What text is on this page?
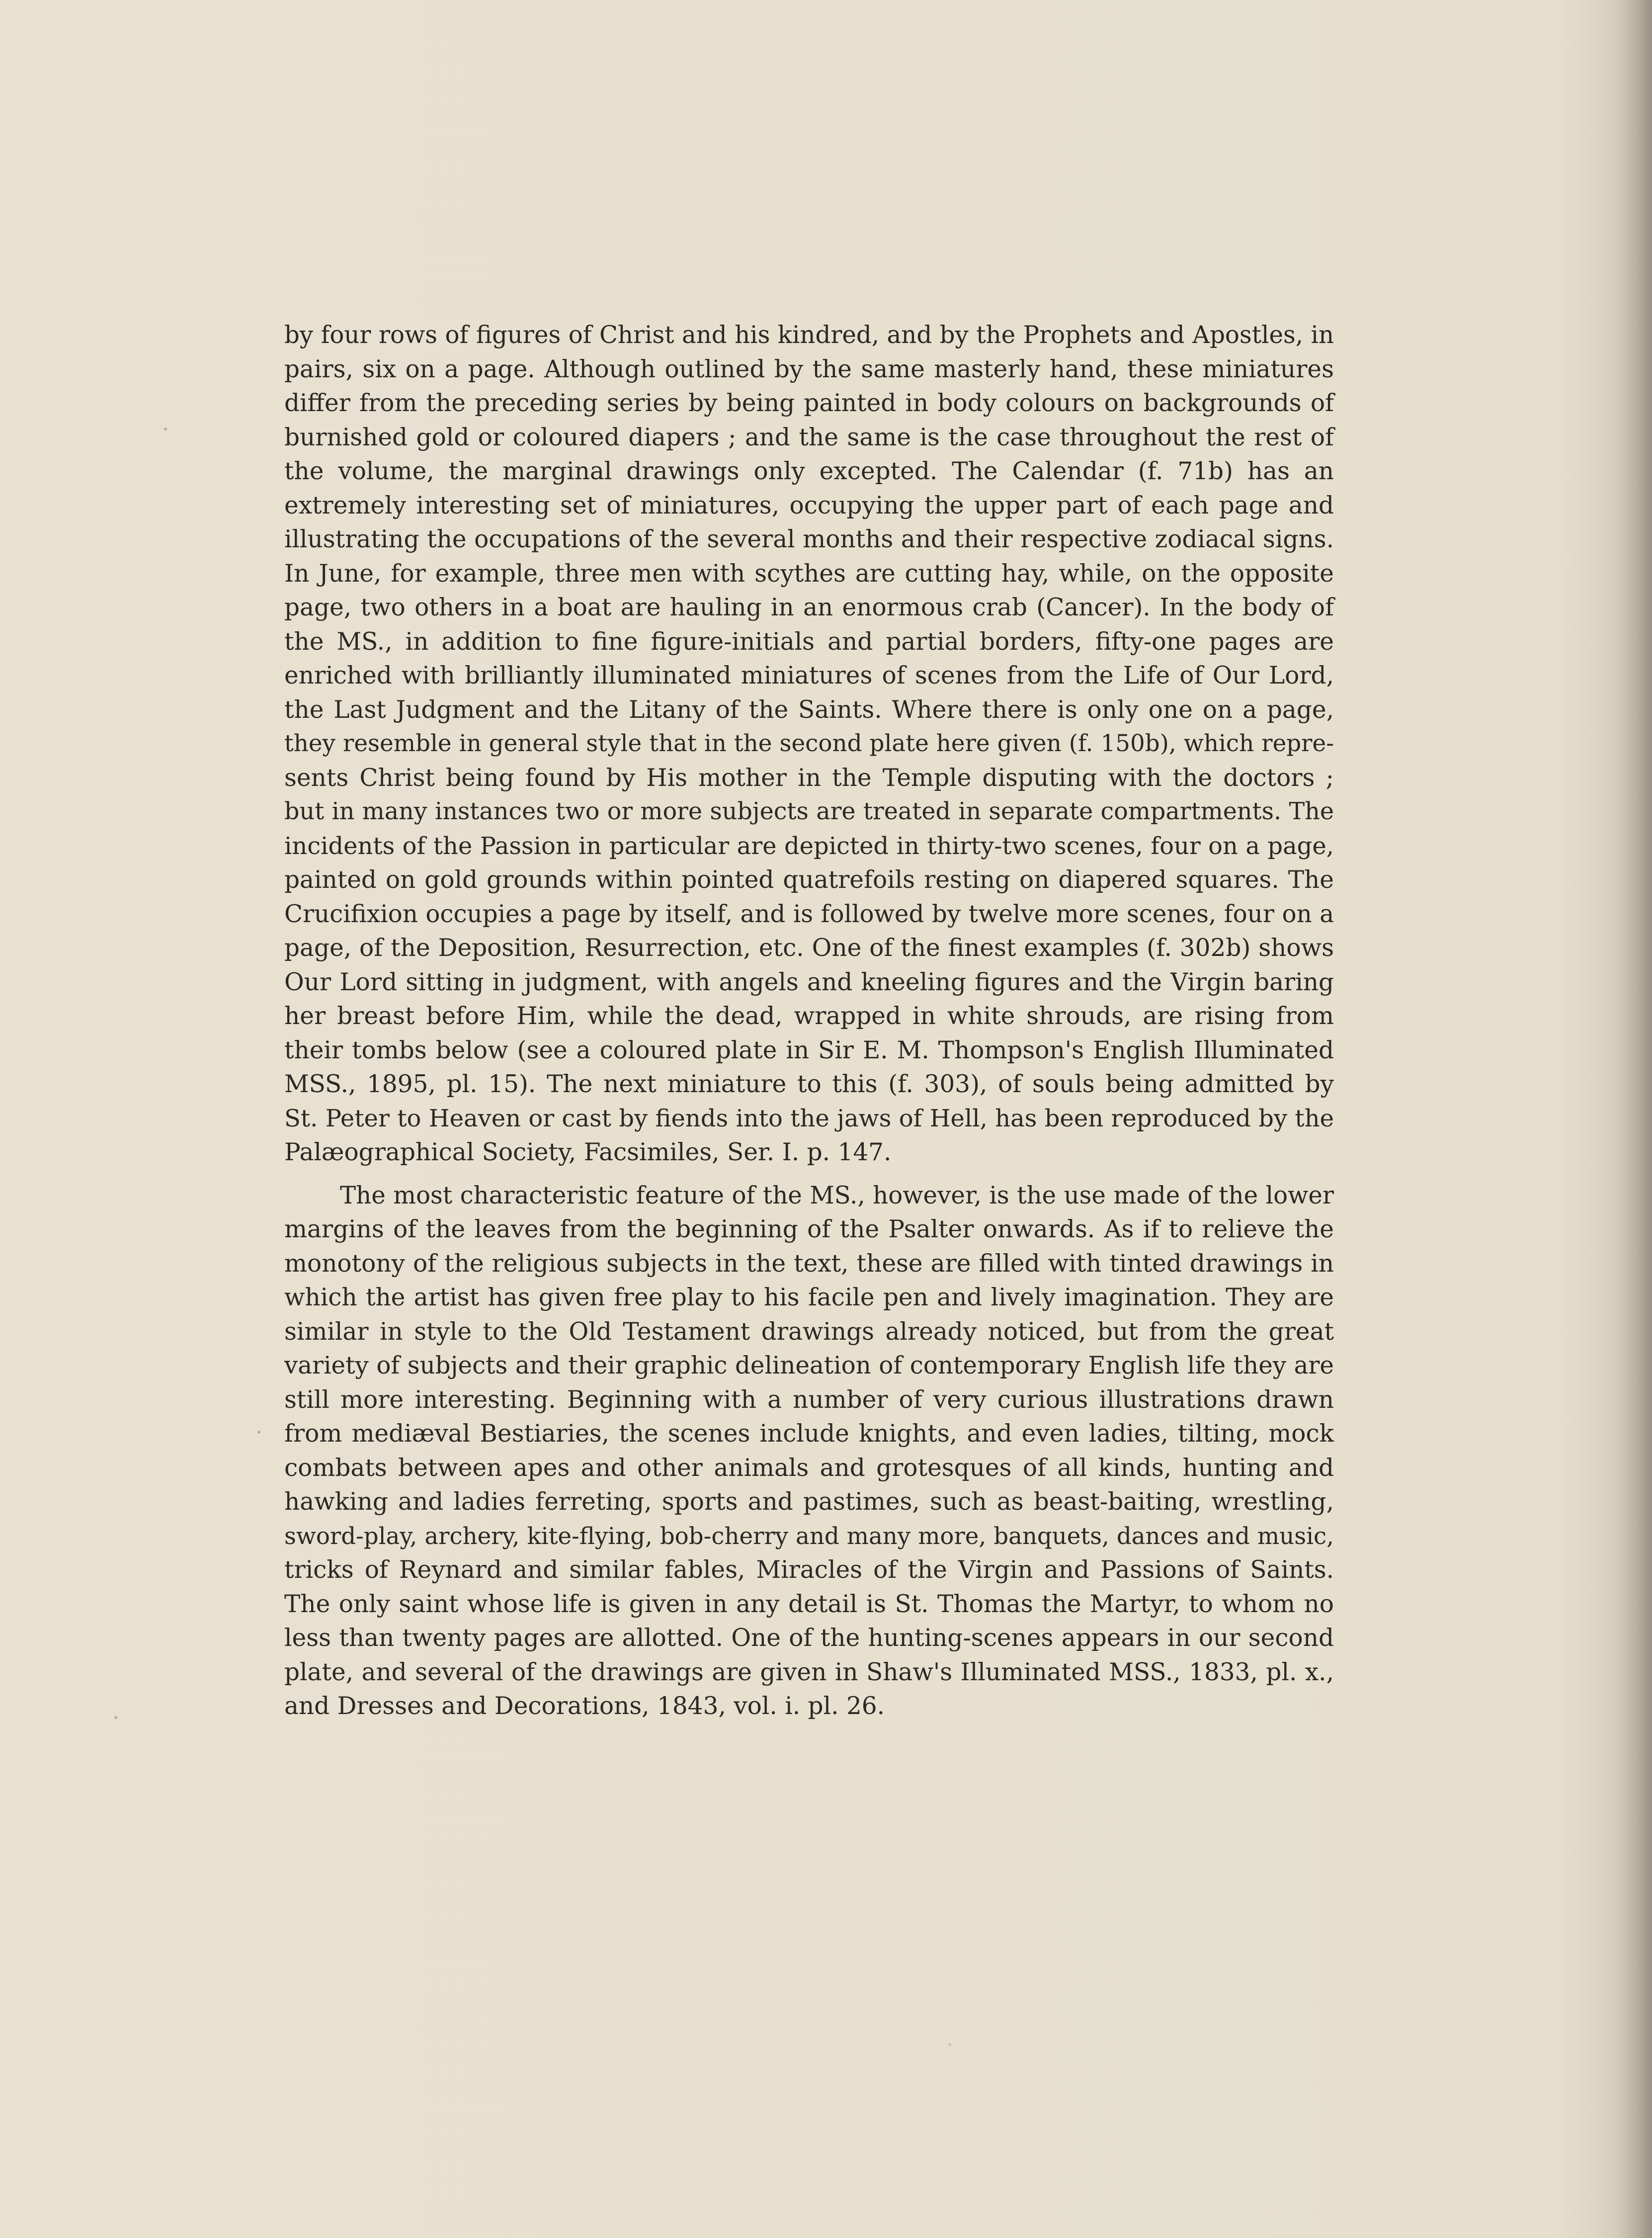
by four rows of figures of Christ and his kindred, and by the Prophets and Apostles, in
pairs, six on a page. Although outlined by the same masterly hand, these miniatures
differ from the preceding series by being painted in body colours on backgrounds of
burnished gold or coloured diapers ; and the same is the case throughout the rest of
the volume, the marginal drawings only excepted. The Calendar (f. 71b) has an
extremely interesting set of miniatures, occupying the upper part of each page and
illustrating the occupations of the several months and their respective zodiacal signs.
In June, for example, three men with scythes are cutting hay, while, on the opposite
page, two others in a boat are hauling in an enormous crab (Cancer). In the body of
the MS., in addition to fine figure-initials and partial borders, fifty-one pages are
enriched with brilliantly illuminated miniatures of scenes from the Life of Our Lord,
the Last Judgment and the Litany of the Saints. Where there is only one on a page,
they resemble in general style that in the second plate here given (f. 150b), which repre-
sents Christ being found by His mother in the Temple disputing with the doctors ;
but in many instances two or more subjects are treated in separate compartments. The
incidents of the Passion in particular are depicted in thirty-two scenes, four on a page,
painted on gold grounds within pointed quatrefoils resting on diapered squares. The
Crucifixion occupies a page by itself, and is followed by twelve more scenes, four on a
page, of the Deposition, Resurrection, etc. One of the finest examples (f. 302b) shows
Our Lord sitting in judgment, with angels and kneeling figures and the Virgin baring
her breast before Him, while the dead, wrapped in white shrouds, are rising from
their tombs below (see a coloured plate in Sir E. M. Thompson's English Illuminated
MSS., 1895, pl. 15). The next miniature to this (f. 303), of souls being admitted by
St. Peter to Heaven or cast by fiends into the jaws of Hell, has been reproduced by the
Palæographical Society, Facsimiles, Ser. I. p. 147.

The most characteristic feature of the MS., however, is the use made of the lower
margins of the leaves from the beginning of the Psalter onwards. As if to relieve the
monotony of the religious subjects in the text, these are filled with tinted drawings in
which the artist has given free play to his facile pen and lively imagination. They are
similar in style to the Old Testament drawings already noticed, but from the great
variety of subjects and their graphic delineation of contemporary English life they are
still more interesting. Beginning with a number of very curious illustrations drawn
from mediæval Bestiaries, the scenes include knights, and even ladies, tilting, mock
combats between apes and other animals and grotesques of all kinds, hunting and
hawking and ladies ferreting, sports and pastimes, such as beast-baiting, wrestling,
sword-play, archery, kite-flying, bob-cherry and many more, banquets, dances and music,
tricks of Reynard and similar fables, Miracles of the Virgin and Passions of Saints.
The only saint whose life is given in any detail is St. Thomas the Martyr, to whom no
less than twenty pages are allotted. One of the hunting-scenes appears in our second
plate, and several of the drawings are given in Shaw's Illuminated MSS., 1833, pl. x.,
and Dresses and Decorations, 1843, vol. i. pl. 26.
